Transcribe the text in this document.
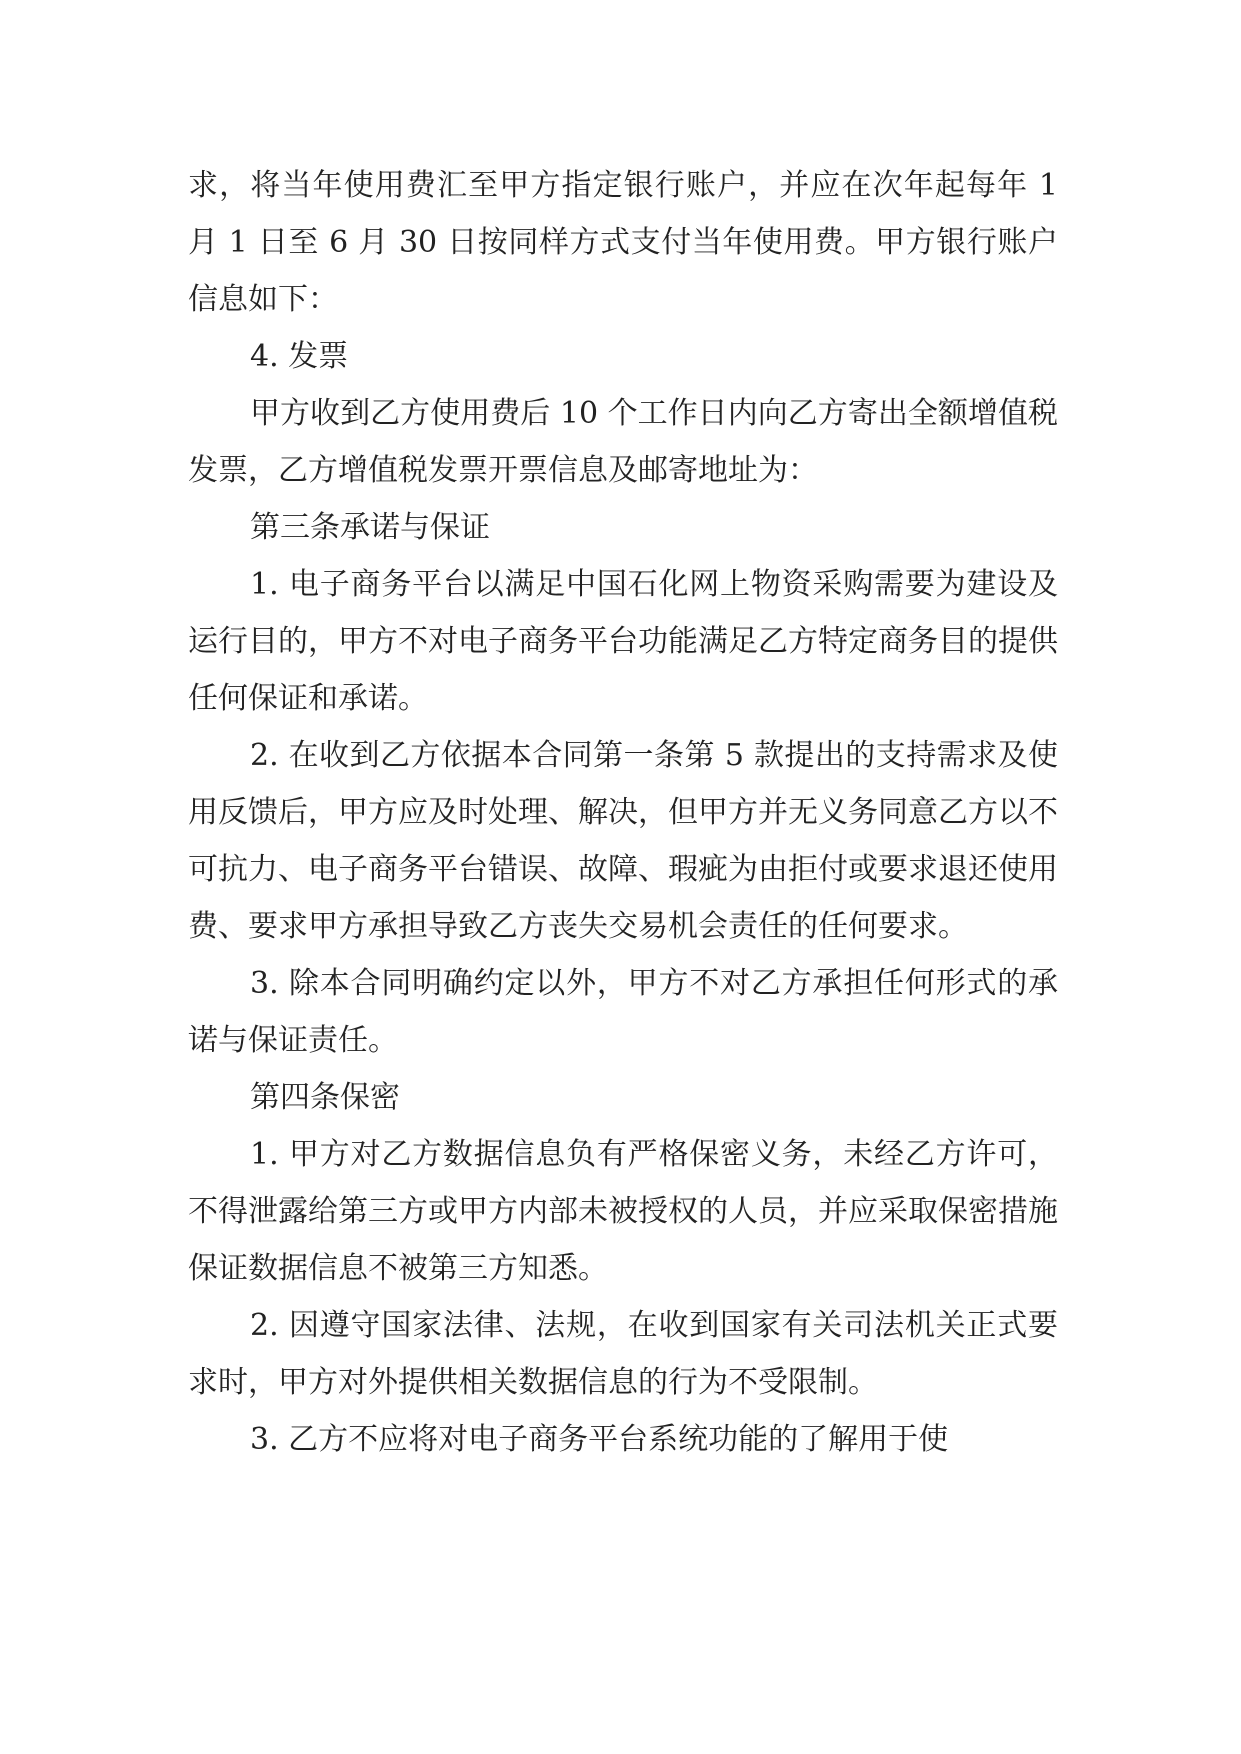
求，将当年使用费汇至甲方指定银行账户，并应在次年起每年 1 月 1 日至 6 月 30 日按同样方式支付当年使用费。甲方银行账户信息如下：

4. 发票

甲方收到乙方使用费后 10 个工作日内向乙方寄出全额增值税发票，乙方增值税发票开票信息及邮寄地址为：

第三条承诺与保证

1. 电子商务平台以满足中国石化网上物资采购需要为建设及运行目的，甲方不对电子商务平台功能满足乙方特定商务目的提供任何保证和承诺。

2. 在收到乙方依据本合同第一条第 5 款提出的支持需求及使用反馈后，甲方应及时处理、解决，但甲方并无义务同意乙方以不可抗力、电子商务平台错误、故障、瑕疵为由拒付或要求退还使用费、要求甲方承担导致乙方丧失交易机会责任的任何要求。

3. 除本合同明确约定以外，甲方不对乙方承担任何形式的承诺与保证责任。

第四条保密

1. 甲方对乙方数据信息负有严格保密义务，未经乙方许可，不得泄露给第三方或甲方内部未被授权的人员，并应采取保密措施保证数据信息不被第三方知悉。

2. 因遵守国家法律、法规，在收到国家有关司法机关正式要求时，甲方对外提供相关数据信息的行为不受限制。

3. 乙方不应将对电子商务平台系统功能的了解用于使
